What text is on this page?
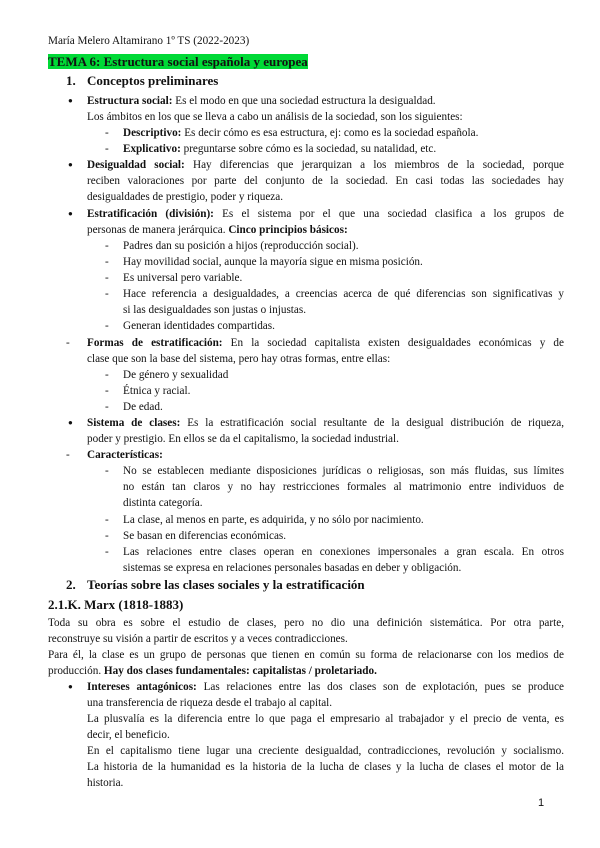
María Melero Altamirano 1º TS (2022-2023)
TEMA 6: Estructura social española y europea
1. Conceptos preliminares
● Estructura social: Es el modo en que una sociedad estructura la desigualdad.
Los ámbitos en los que se lleva a cabo un análisis de la sociedad, son los siguientes:
- Descriptivo: Es decir cómo es esa estructura, ej: como es la sociedad española.
- Explicativo: preguntarse sobre cómo es la sociedad, su natalidad, etc.
● Desigualdad social: Hay diferencias que jerarquizan a los miembros de la sociedad, porque
reciben valoraciones por parte del conjunto de la sociedad. En casi todas las sociedades hay
desigualdades de prestigio, poder y riqueza.
● Estratificación (división): Es el sistema por el que una sociedad clasifica a los grupos de
personas de manera jerárquica. Cinco principios básicos:
- Padres dan su posición a hijos (reproducción social).
- Hay movilidad social, aunque la mayoría sigue en misma posición.
- Es universal pero variable.
- Hace referencia a desigualdades, a creencias acerca de qué diferencias son significativas y
si las desigualdades son justas o injustas.
- Generan identidades compartidas.
- Formas de estratificación: En la sociedad capitalista existen desigualdades económicas y de
clase que son la base del sistema, pero hay otras formas, entre ellas:
- De género y sexualidad
- Étnica y racial.
- De edad.
● Sistema de clases: Es la estratificación social resultante de la desigual distribución de riqueza,
poder y prestigio. En ellos se da el capitalismo, la sociedad industrial.
- Características:
- No se establecen mediante disposiciones jurídicas o religiosas, son más fluidas, sus límites
no están tan claros y no hay restricciones formales al matrimonio entre individuos de
distinta categoría.
- La clase, al menos en parte, es adquirida, y no sólo por nacimiento.
- Se basan en diferencias económicas.
- Las relaciones entre clases operan en conexiones impersonales a gran escala. En otros
sistemas se expresa en relaciones personales basadas en deber y obligación.
2. Teorías sobre las clases sociales y la estratificación
2.1.K. Marx (1818-1883)
Toda su obra es sobre el estudio de clases, pero no dio una definición sistemática. Por otra parte,
reconstruye su visión a partir de escritos y a veces contradicciones.
Para él, la clase es un grupo de personas que tienen en común su forma de relacionarse con los medios de
producción. Hay dos clases fundamentales: capitalistas / proletariado.
● Intereses antagónicos: Las relaciones entre las dos clases son de explotación, pues se produce
una transferencia de riqueza desde el trabajo al capital.
La plusvalía es la diferencia entre lo que paga el empresario al trabajador y el precio de venta, es
decir, el beneficio.
En el capitalismo tiene lugar una creciente desigualdad, contradicciones, revolución y socialismo.
La historia de la humanidad es la historia de la lucha de clases y la lucha de clases el motor de la
historia.
1
